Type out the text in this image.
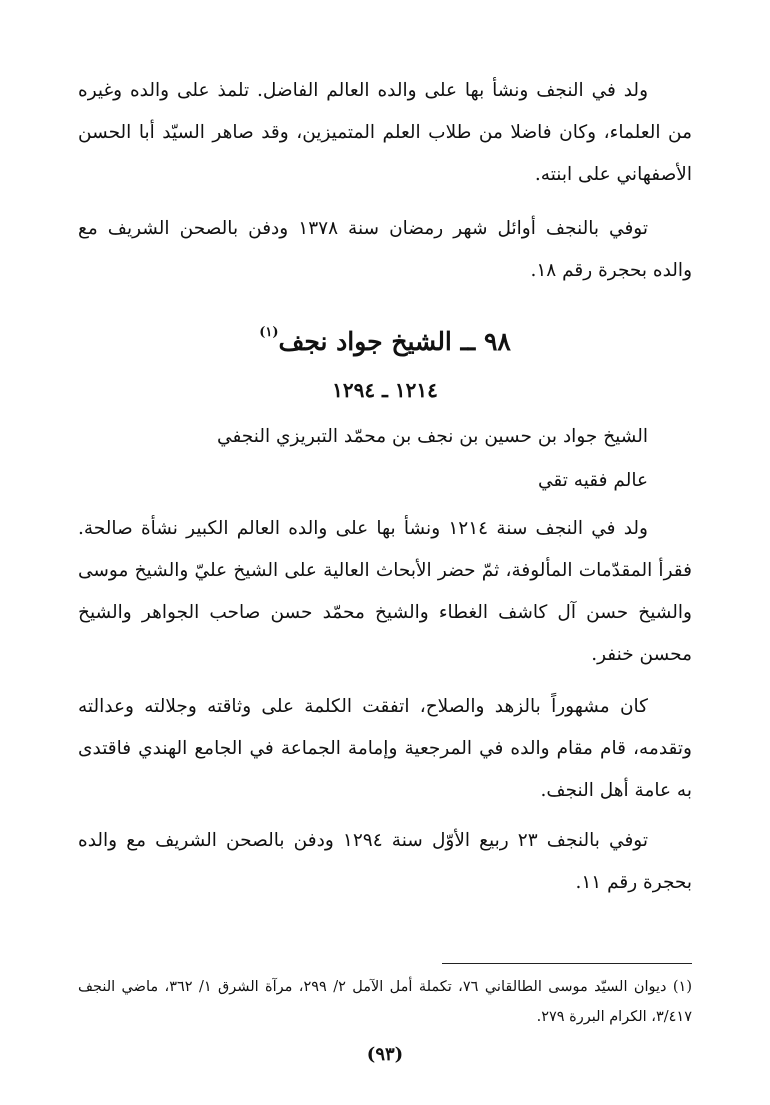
ولد في النجف ونشأ بها على والده العالم الفاضل. تلمذ على والده وغيره من العلماء، وكان فاضلا من طلاب العلم المتميزين، وقد صاهر السيّد أبا الحسن الأصفهاني على ابنته.

توفي بالنجف أوائل شهر رمضان سنة ١٣٧٨ ودفن بالصحن الشريف مع والده بحجرة رقم ١٨.

٩٨ ــ الشيخ جواد نجف$^{(١)}$
١٢١٤ ـ ١٢٩٤

الشيخ جواد بن حسين بن نجف بن محمّد التبريزي النجفي

عالم فقيه تقي

ولد في النجف سنة ١٢١٤ ونشأ بها على والده العالم الكبير نشأة صالحة. فقرأ المقدّمات المألوفة، ثمّ حضر الأبحاث العالية على الشيخ عليّ والشيخ موسى والشيخ حسن آل كاشف الغطاء والشيخ محمّد حسن صاحب الجواهر والشيخ محسن خنفر.

كان مشهوراً بالزهد والصلاح، اتفقت الكلمة على وثاقته وجلالته وعدالته وتقدمه، قام مقام والده في المرجعية وإمامة الجماعة في الجامع الهندي فاقتدى به عامة أهل النجف.

توفي بالنجف ٢٣ ربيع الأوّل سنة ١٢٩٤ ودفن بالصحن الشريف مع والده بحجرة رقم ١١.

(١) ديوان السيّد موسى الطالقاني ٧٦، تكملة أمل الآمل ٢/ ٢٩٩، مرآة الشرق ١/ ٣٦٢، ماضي النجف ٣/٤١٧، الكرام البررة ٢٧٩.

(٩٣)
